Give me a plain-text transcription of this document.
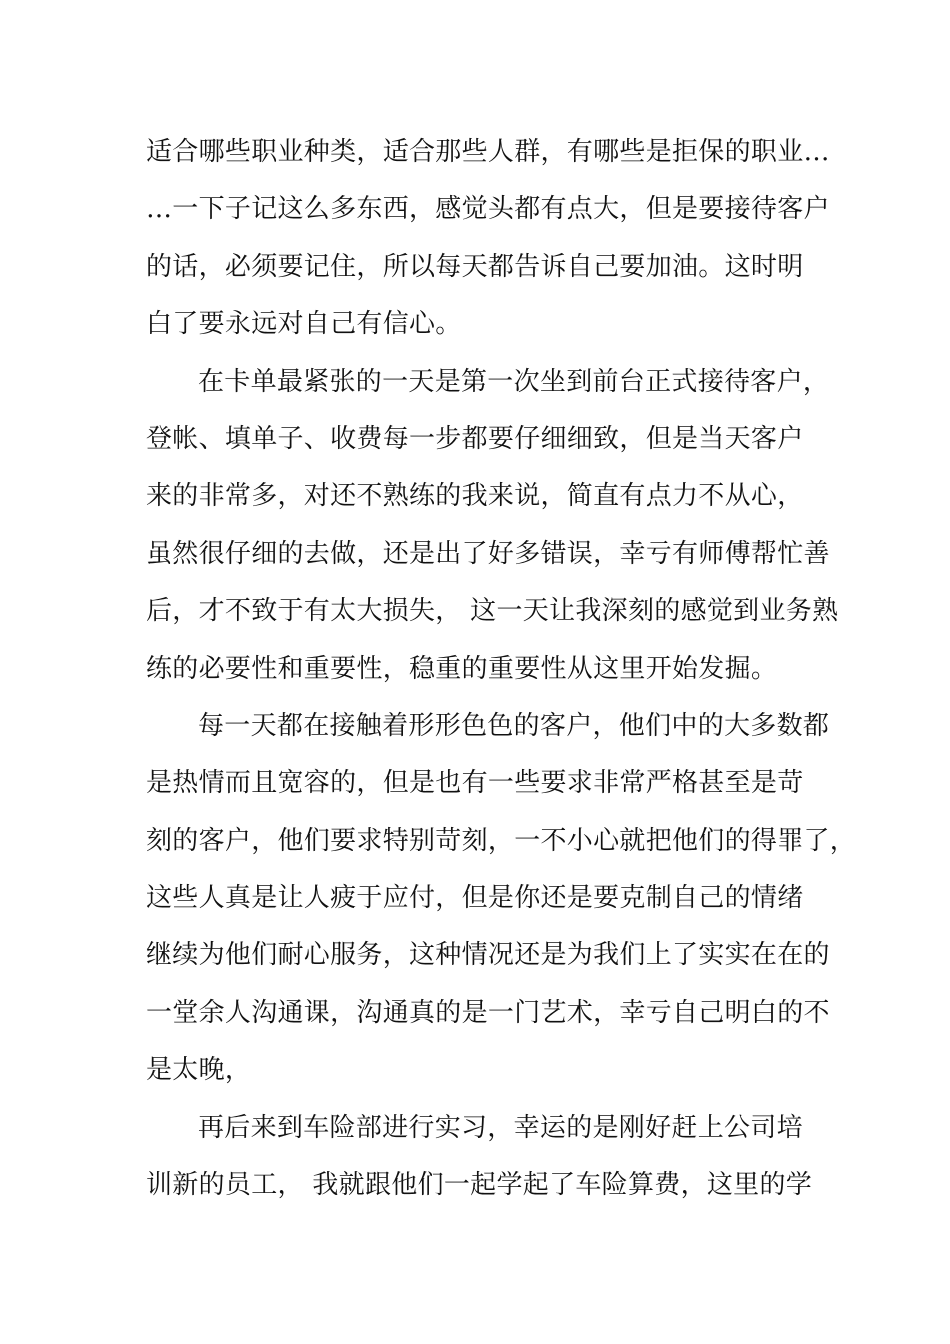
适合哪些职业种类，适合那些人群，有哪些是拒保的职业…
…一下子记这么多东西，感觉头都有点大，但是要接待客户
的话，必须要记住，所以每天都告诉自己要加油。这时明
白了要永远对自己有信心。
在卡单最紧张的一天是第一次坐到前台正式接待客户，
登帐、填单子、收费每一步都要仔细细致，但是当天客户
来的非常多，对还不熟练的我来说，简直有点力不从心，
虽然很仔细的去做，还是出了好多错误，幸亏有师傅帮忙善
后，才不致于有太大损失， 这一天让我深刻的感觉到业务熟
练的必要性和重要性，稳重的重要性从这里开始发掘。
每一天都在接触着形形色色的客户，他们中的大多数都
是热情而且宽容的，但是也有一些要求非常严格甚至是苛
刻的客户，他们要求特别苛刻，一不小心就把他们的得罪了，
这些人真是让人疲于应付，但是你还是要克制自己的情绪
继续为他们耐心服务，这种情况还是为我们上了实实在在的
一堂余人沟通课，沟通真的是一门艺术，幸亏自己明白的不
是太晚，
再后来到车险部进行实习，幸运的是刚好赶上公司培
训新的员工， 我就跟他们一起学起了车险算费，这里的学
